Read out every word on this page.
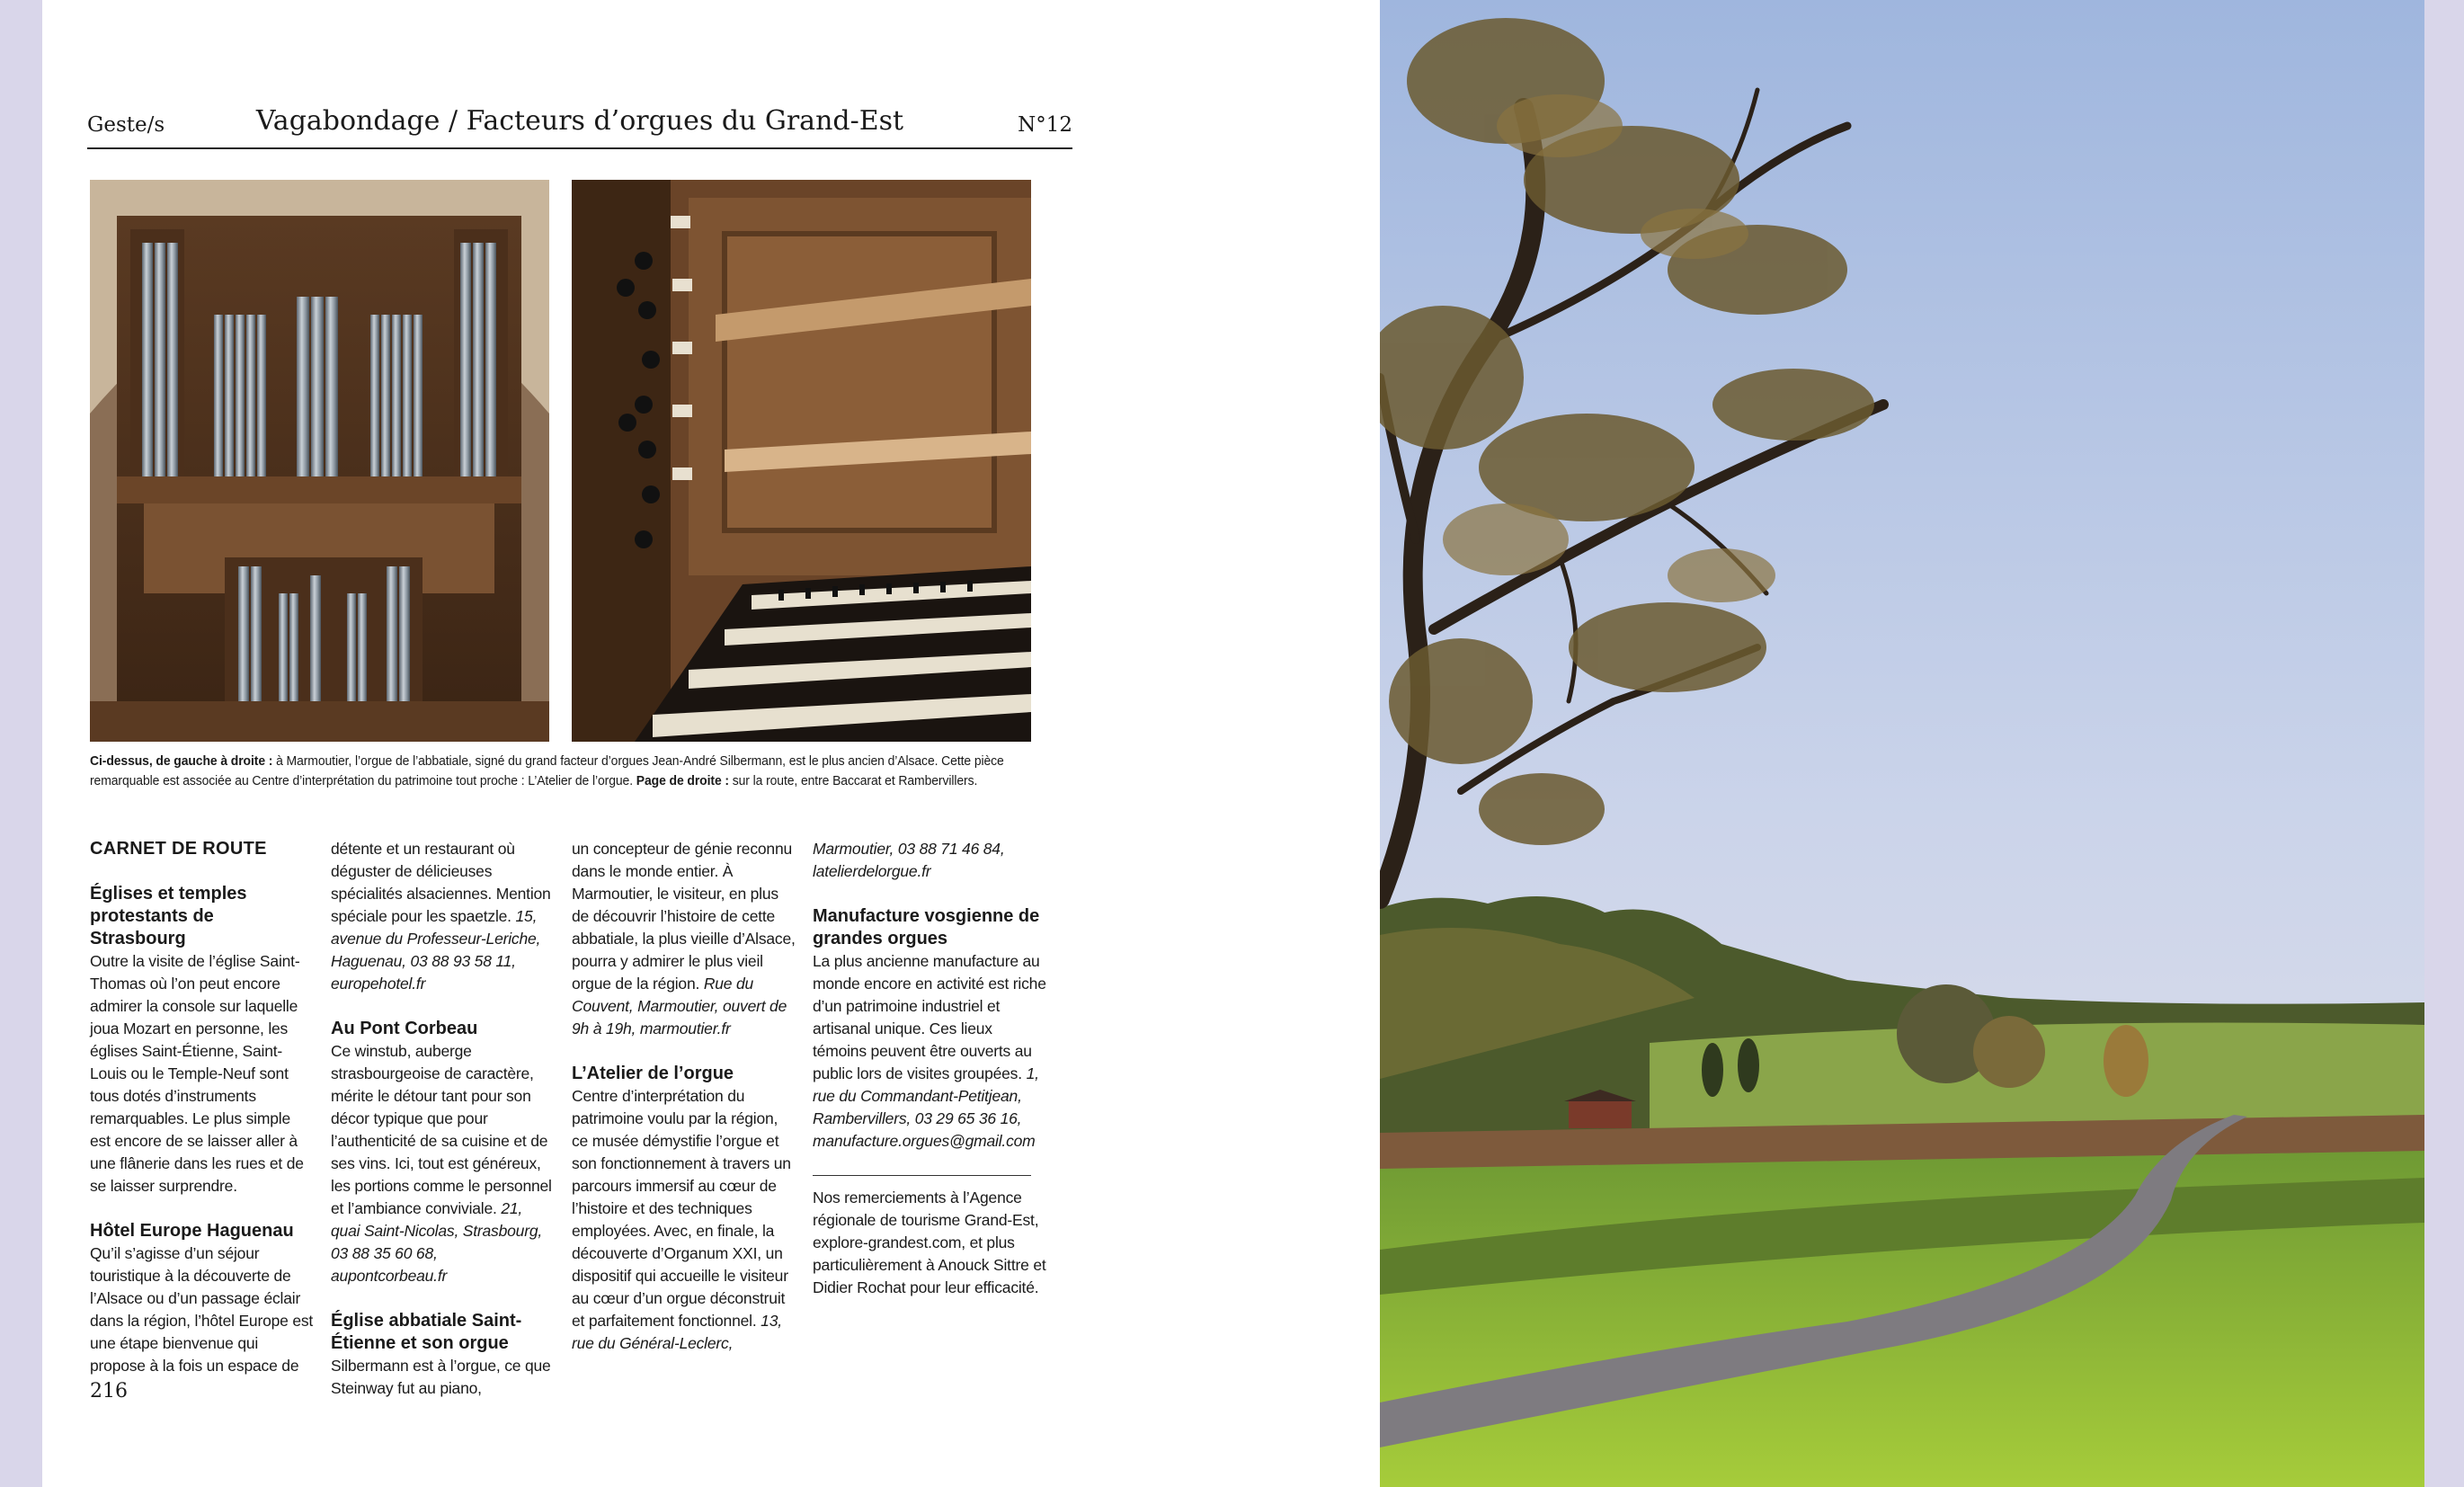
Geste/s	Vagabondage / Facteurs d’orgues du Grand-Est	N°12
Ci-dessus, de gauche à droite : à Marmoutier, l’orgue de l’abbatiale, signé du grand facteur d’orgues Jean-André Silbermann, est le plus ancien d’Alsace. Cette pièce remarquable est associée au Centre d’interprétation du patrimoine tout proche : L’Atelier de l’orgue. Page de droite : sur la route, entre Baccarat et Rambervillers.
CARNET DE ROUTE
Églises et temples protestants de Strasbourg

Outre la visite de l’église Saint-Thomas où l’on peut encore admirer la console sur laquelle joua Mozart en personne, les églises Saint-Étienne, Saint-Louis ou le Temple-Neuf sont tous dotés d’instruments remarquables. Le plus simple est encore de se laisser aller à une flânerie dans les rues et de se laisser surprendre.

Hôtel Europe Haguenau

Qu’il s’agisse d’un séjour touristique à la découverte de l’Alsace ou d’un passage éclair dans la région, l’hôtel Europe est une étape bienvenue qui propose à la fois un espace de

détente et un restaurant où déguster de délicieuses spécialités alsaciennes. Mention spéciale pour les spaetzle. 15, avenue du Professeur-Leriche, Haguenau, 03 88 93 58 11, europehotel.fr

Au Pont Corbeau

Ce winstub, auberge strasbourgeoise de caractère, mérite le détour tant pour son décor typique que pour l’authenticité de sa cuisine et de ses vins. Ici, tout est généreux, les portions comme le personnel et l’ambiance conviviale. 21, quai Saint-Nicolas, Strasbourg, 03 88 35 60 68, aupontcorbeau.fr

Église abbatiale Saint-Étienne et son orgue

Silbermann est à l’orgue, ce que Steinway fut au piano,

un concepteur de génie reconnu dans le monde entier. À Marmoutier, le visiteur, en plus de découvrir l’histoire de cette abbatiale, la plus vieille d’Alsace, pourra y admirer le plus vieil orgue de la région. Rue du Couvent, Marmoutier, ouvert de 9h à 19h, marmoutier.fr

L’Atelier de l’orgue

Centre d’interprétation du patrimoine voulu par la région, ce musée démystifie l’orgue et son fonctionnement à travers un parcours immersif au cœur de l’histoire et des techniques employées. Avec, en finale, la découverte d’Organum XXI, un dispositif qui accueille le visiteur au cœur d’un orgue déconstruit et parfaitement fonctionnel. 13, rue du Général-Leclerc,

Marmoutier, 03 88 71 46 84, latelierdelorgue.fr

Manufacture vosgienne de grandes orgues

La plus ancienne manufacture au monde encore en activité est riche d’un patrimoine industriel et artisanal unique. Ces lieux témoins peuvent être ouverts au public lors de visites groupées. 1, rue du Commandant-Petitjean, Rambervillers, 03 29 65 36 16, manufacture.orgues@gmail.com

Nos remerciements à l’Agence régionale de tourisme Grand-Est, explore-grandest.com, et plus particulièrement à Anouck Sittre et Didier Rochat pour leur efficacité.

216
